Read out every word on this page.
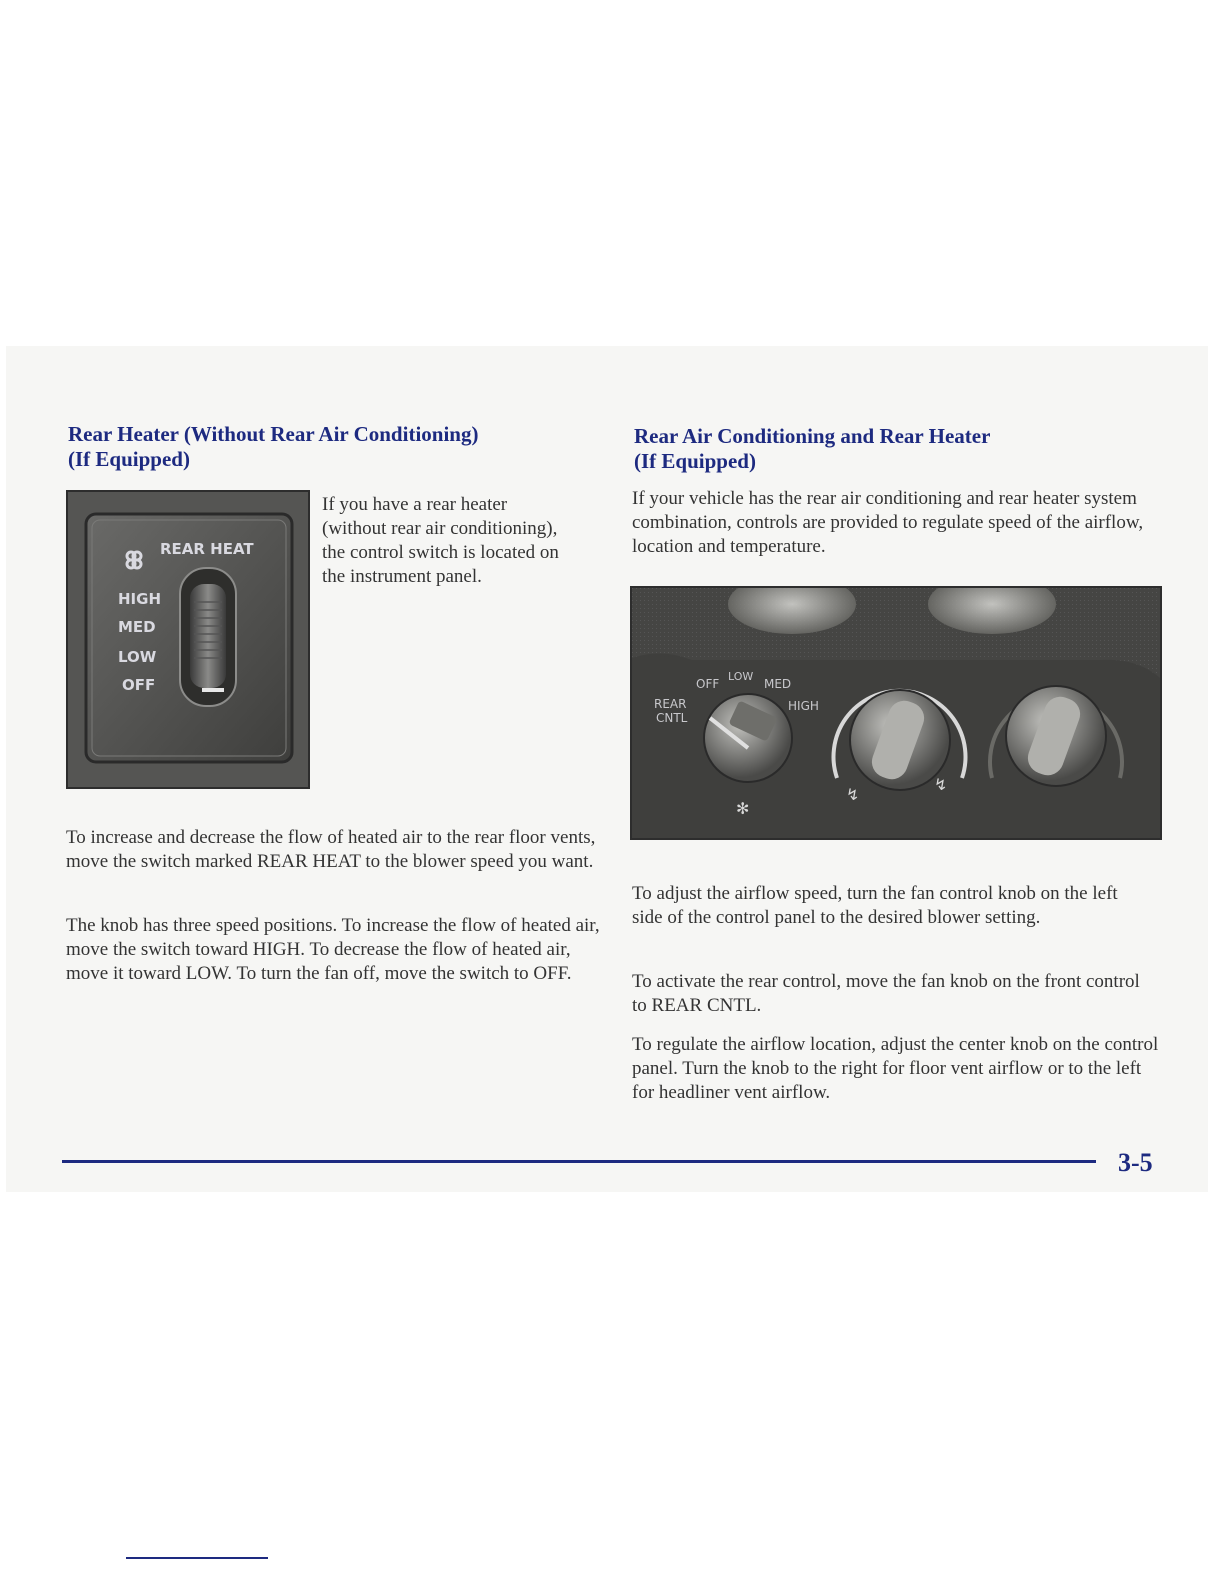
Rear Heater (Without Rear Air Conditioning)
(If Equipped)
REAR HEAT
HIGH
MED
LOW
OFF

If you have a rear heater (without rear air conditioning), the control switch is located on the instrument panel.

To increase and decrease the flow of heated air to the rear floor vents, move the switch marked REAR HEAT to the blower speed you want.

The knob has three speed positions. To increase the flow of heated air, move the switch toward HIGH. To decrease the flow of heated air, move it toward LOW. To turn the fan off, move the switch to OFF.

Rear Air Conditioning and Rear Heater
(If Equipped)

If your vehicle has the rear air conditioning and rear heater system combination, controls are provided to regulate speed of the airflow, location and temperature.

OFF
LOW
MED
REAR
CNTL
HIGH
✻
↯
↯

To adjust the airflow speed, turn the fan control knob on the left side of the control panel to the desired blower setting.

To activate the rear control, move the fan knob on the front control to REAR CNTL.

To regulate the airflow location, adjust the center knob on the control panel. Turn the knob to the right for floor vent airflow or to the left for headliner vent airflow.

3-5
